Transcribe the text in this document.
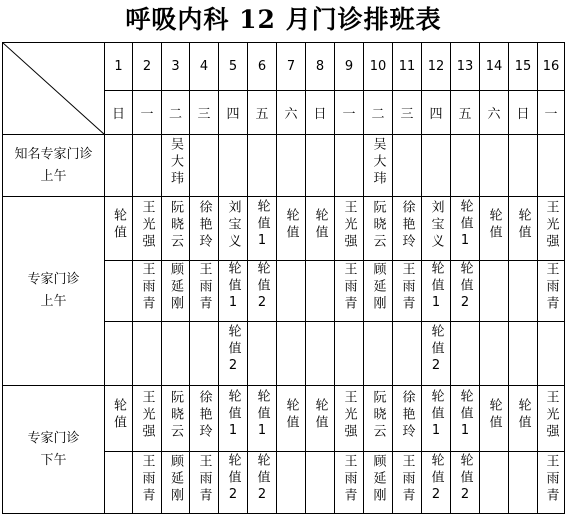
呼吸内科 12 月门诊排班表
	1	2	3	4	5	6	7	8	9	10	11	12	13	14	15	16
	日	一	二	三	四	五	六	日	一	二	三	四	五	六	日	一

知名专家门诊
上午			吴大玮							吴大玮						

专家门诊
上午	轮值	王光强	阮晓云	徐艳玲	刘宝义	轮值1	轮值	轮值	王光强	阮晓云	徐艳玲	刘宝义	轮值1	轮值	轮值	王光强
		王雨青	顾延刚	王雨青	轮值1	轮值2			王雨青	顾延刚	王雨青	轮值1	轮值2			王雨青
					轮值2							轮值2				

专家门诊
下午	轮值	王光强	阮晓云	徐艳玲	轮值1	轮值1	轮值	轮值	王光强	阮晓云	徐艳玲	轮值1	轮值1	轮值	轮值	王光强
		王雨青	顾延刚	王雨青	轮值2	轮值2			王雨青	顾延刚	王雨青	轮值2	轮值2			王雨青
